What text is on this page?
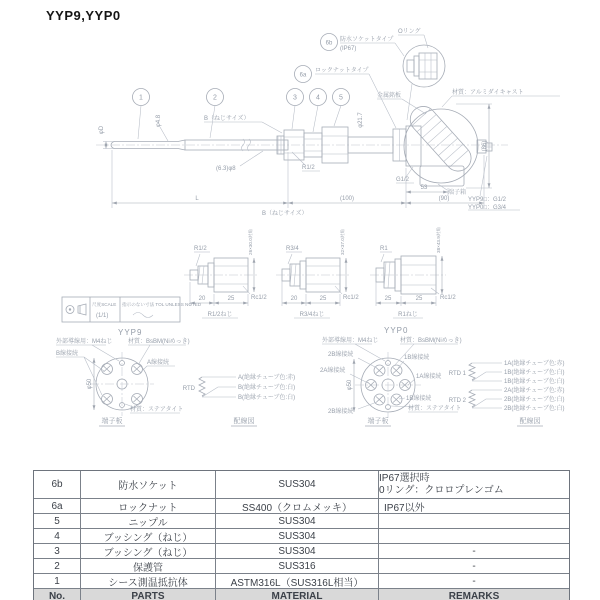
YYP9,YYP0
φD
φ4.8	B（ねじサイズ）
(6.3)φ8	R1/2
φ21.7
G1/2
金属銘板	材質：アルミダイキャスト
1	2	3	4	5
6a
ロックナットタイプ
6b
防水ソケットタイプ
(IP67)
Oリング
端子箱
YYP9□：G1/2
YYP0□：G3/4
L	(100)	(90)
53
(86)
B（ねじサイズ）
R1/2	26×30.0対角
20	25	Rc1/2
R1/2ねじ
R3/4	32×37.0対角
20	25	Rc1/2
R3/4ねじ
R1	38×43.9対角
25	25	Rc1/2
R1ねじ
尺度SCALE
(1/1)
指示のない寸法 TOL UNLESS NOTED
YYP9
外部導線用：M4ねじ	材質：BsBM(Niめっき)
B線接続
A線接続
φ50
材質：ステアタイト
端子板
RTD
A(絶縁チューブ色:赤)
B(絶縁チューブ色:白)
B(絶縁チューブ色:白)
配線図
YYP0
外部導線用：M4ねじ	材質：BsBM(Niめっき)
2B線接続	1B線接続
2A線接続
1A線接続
1B線接続
2B線接続
φ50
材質：ステアタイト
端子板
RTD 1
1A(絶縁チューブ色:赤)
1B(絶縁チューブ色:白)
1B(絶縁チューブ色:白)
RTD 2
2A(絶縁チューブ色:赤)
2B(絶縁チューブ色:白)
2B(絶縁チューブ色:白)
配線図
6b	防水ソケット	SUS304
IP67選択時
0リング：クロロプレンゴム
6a	ロックナット	SS400（クロムメッキ）	IP67以外
5	ニップル	SUS304
4	ブッシング（ねじ）	SUS304
3	ブッシング（ねじ）	SUS304	-
2	保護管	SUS316	-
1	シース測温抵抗体	ASTM316L（SUS316L相当）	-
No.	PARTS	MATERIAL	REMARKS
